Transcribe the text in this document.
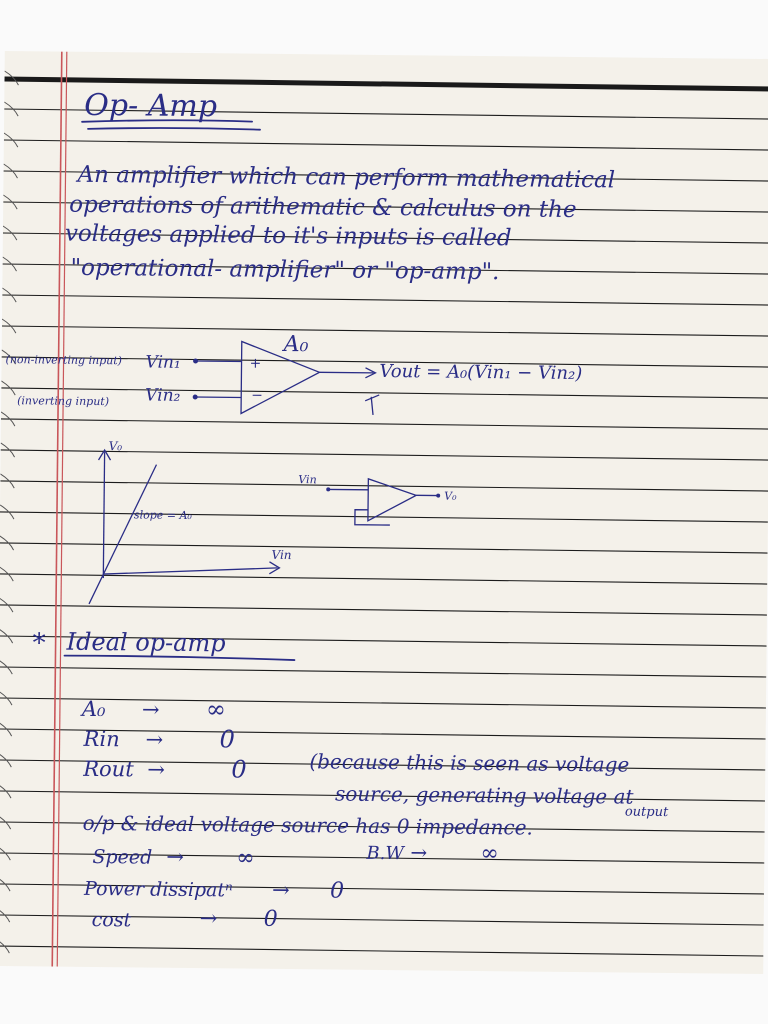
Op- Amp
An amplifier which can perform mathematical
operations of arithematic & calculus on the
voltages applied to it's inputs is called
"operational- amplifier" or "op-amp".
A₀
(non-inverting input)
(inverting input)
Vin₁
Vin₂
+
−
Vout = A₀(Vin₁ − Vin₂)
V₀
Vin
slope = A₀
Vin
V₀
* Ideal op-amp
A₀ → ∞
Rin → 0
Rout →	0	(because this is seen as voltage
source, generating voltage at
output
o/p & ideal voltage source has 0 impedance.
Speed → ∞	B.W → ∞
Power dissipatⁿ → 0
cost	→ 0
